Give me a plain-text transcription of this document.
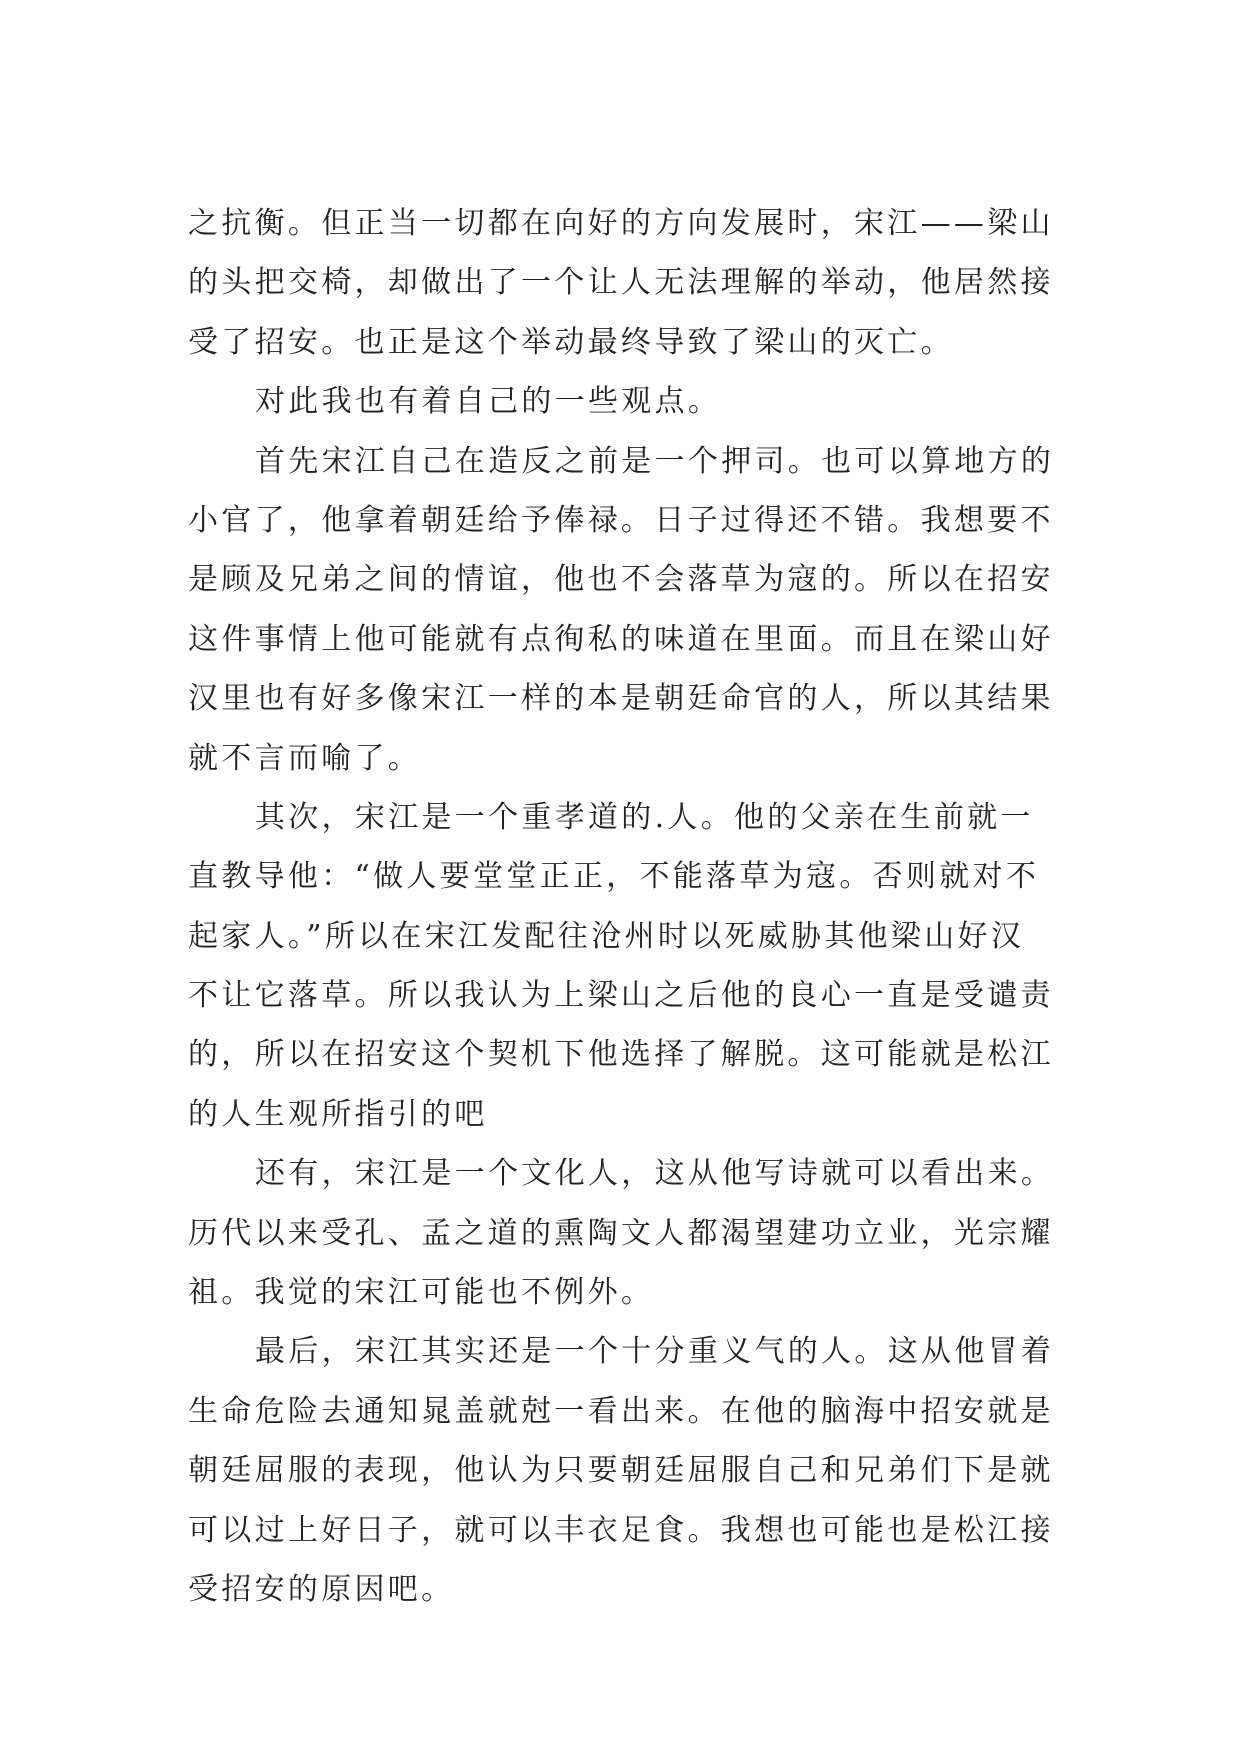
之抗衡。但正当一切都在向好的方向发展时，宋江——梁山

的头把交椅，却做出了一个让人无法理解的举动，他居然接

受了招安。也正是这个举动最终导致了梁山的灭亡。

对此我也有着自己的一些观点。

首先宋江自己在造反之前是一个押司。也可以算地方的

小官了，他拿着朝廷给予俸禄。日子过得还不错。我想要不

是顾及兄弟之间的情谊，他也不会落草为寇的。所以在招安

这件事情上他可能就有点徇私的味道在里面。而且在梁山好

汉里也有好多像宋江一样的本是朝廷命官的人，所以其结果

就不言而喻了。

其次，宋江是一个重孝道的.人。他的父亲在生前就一

直教导他：“做人要堂堂正正，不能落草为寇。否则就对不

起家人。”所以在宋江发配往沧州时以死威胁其他梁山好汉

不让它落草。所以我认为上梁山之后他的良心一直是受谴责

的，所以在招安这个契机下他选择了解脱。这可能就是松江

的人生观所指引的吧

还有，宋江是一个文化人，这从他写诗就可以看出来。

历代以来受孔、孟之道的熏陶文人都渴望建功立业，光宗耀

祖。我觉的宋江可能也不例外。

最后，宋江其实还是一个十分重义气的人。这从他冒着

生命危险去通知晁盖就尅一看出来。在他的脑海中招安就是

朝廷屈服的表现，他认为只要朝廷屈服自己和兄弟们下是就

可以过上好日子，就可以丰衣足食。我想也可能也是松江接

受招安的原因吧。
